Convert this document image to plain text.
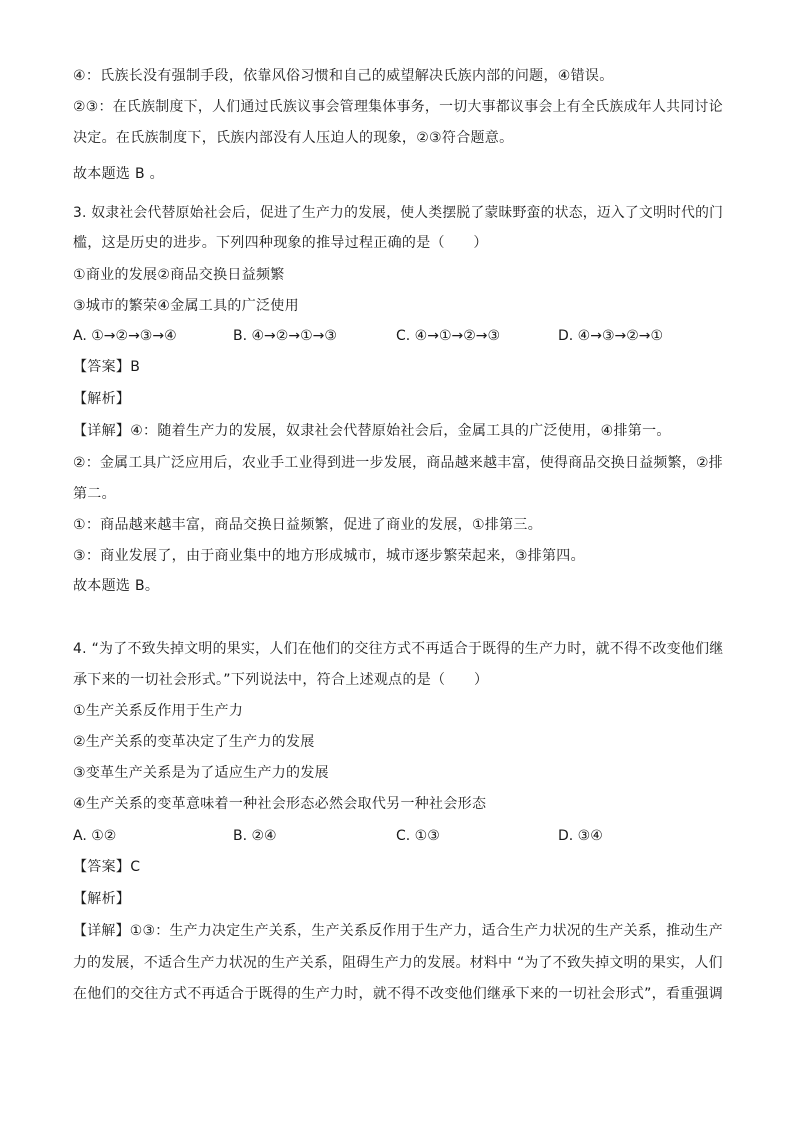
④：氏族长没有强制手段，依靠风俗习惯和自己的威望解决氏族内部的问题，④错误。
②③：在氏族制度下，人们通过氏族议事会管理集体事务，一切大事都议事会上有全氏族成年人共同讨论
决定。在氏族制度下，氏族内部没有人压迫人的现象，②③符合题意。
故本题选 B 。
3. 奴隶社会代替原始社会后，促进了生产力的发展，使人类摆脱了蒙昧野蛮的状态，迈入了文明时代的门
槛，这是历史的进步。下列四种现象的推导过程正确的是（　　）
①商业的发展②商品交换日益频繁
③城市的繁荣④金属工具的广泛使用
A. ①→②→③→④	B. ④→②→①→③	C. ④→①→②→③	D. ④→③→②→①
【答案】B
【解析】
【详解】④：随着生产力的发展，奴隶社会代替原始社会后，金属工具的广泛使用，④排第一。
②：金属工具广泛应用后，农业手工业得到进一步发展，商品越来越丰富，使得商品交换日益频繁，②排
第二。
①：商品越来越丰富，商品交换日益频繁，促进了商业的发展，①排第三。
③：商业发展了，由于商业集中的地方形成城市，城市逐步繁荣起来，③排第四。
故本题选 B。
4. “为了不致失掉文明的果实，人们在他们的交往方式不再适合于既得的生产力时，就不得不改变他们继
承下来的一切社会形式。”下列说法中，符合上述观点的是（　　）
①生产关系反作用于生产力
②生产关系的变革决定了生产力的发展
③变革生产关系是为了适应生产力的发展
④生产关系的变革意味着一种社会形态必然会取代另一种社会形态
A. ①②	B. ②④	C. ①③	D. ③④
【答案】C
【解析】
【详解】①③：生产力决定生产关系，生产关系反作用于生产力，适合生产力状况的生产关系，推动生产
力的发展，不适合生产力状况的生产关系，阻碍生产力的发展。材料中 “为了不致失掉文明的果实，人们
在他们的交往方式不再适合于既得的生产力时，就不得不改变他们继承下来的一切社会形式”，看重强调
